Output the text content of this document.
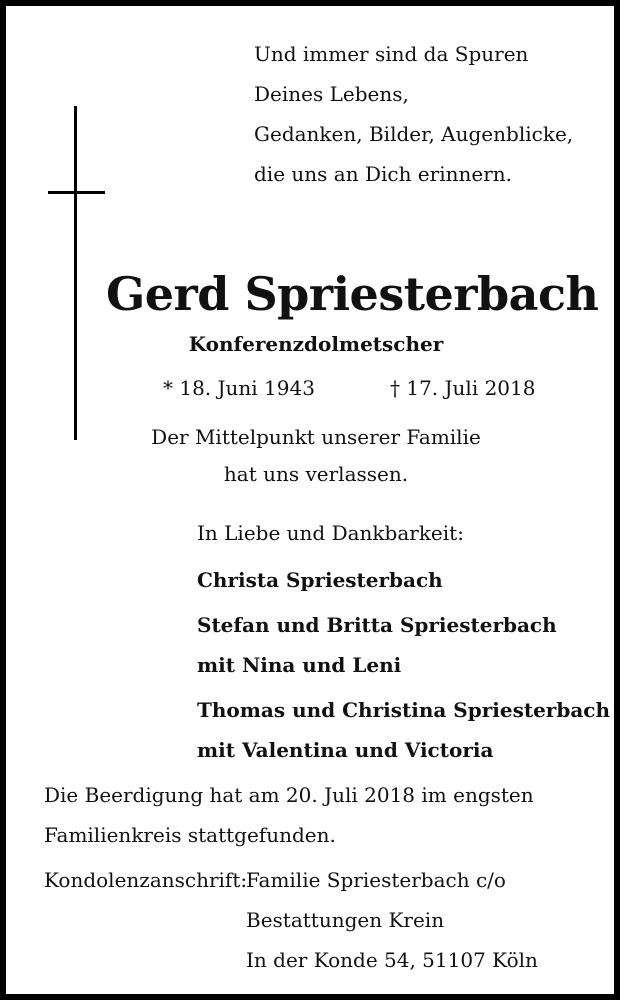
Und immer sind da Spuren
Deines Lebens,
Gedanken, Bilder, Augenblicke,
die uns an Dich erinnern.
Gerd Spriesterbach
Konferenzdolmetscher
* 18. Juni 1943	† 17. Juli 2018
Der Mittelpunkt unserer Familie
hat uns verlassen.
In Liebe und Dankbarkeit:
Christa Spriesterbach
Stefan und Britta Spriesterbach
mit Nina und Leni
Thomas und Christina Spriesterbach
mit Valentina und Victoria
Die Beerdigung hat am 20. Juli 2018 im engsten
Familienkreis stattgefunden.
Kondolenzanschrift:
Familie Spriesterbach c/o
Bestattungen Krein
In der Konde 54, 51107 Köln
